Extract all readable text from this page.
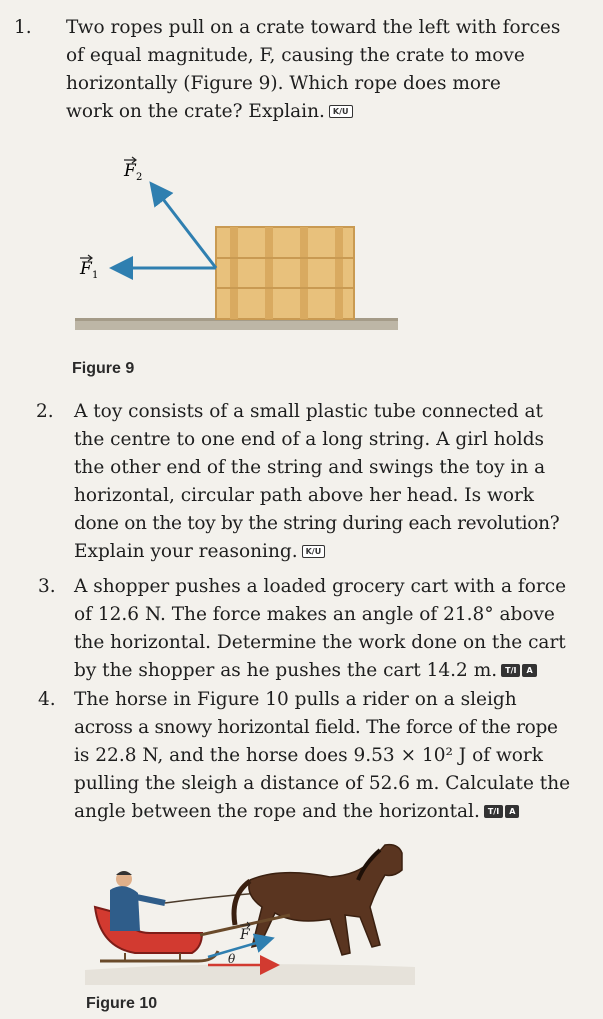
1.	Two ropes pull on a crate toward the left with forces

of equal magnitude, F, causing the crate to move

horizontally (Figure 9). Which rope does more

work on the crate? Explain. K/U

F 2
F 1
Figure 9
2.	A toy consists of a small plastic tube connected at

the centre to one end of a long string. A girl holds

the other end of the string and swings the toy in a

horizontal, circular path above her head. Is work

done on the toy by the string during each revolution?

Explain your reasoning. K/U

3. A shopper pushes a loaded grocery cart with a force

of 12.6 N. The force makes an angle of 21.8° above

the horizontal. Determine the work done on the cart

by the shopper as he pushes the cart 14.2 m. T/I A

4. The horse in Figure 10 pulls a rider on a sleigh

across a snowy horizontal field. The force of the rope

is 22.8 N, and the horse does 9.53 × 10² J of work

pulling the sleigh a distance of 52.6 m. Calculate the

angle between the rope and the horizontal. T/I A

F
θ
Figure 10
